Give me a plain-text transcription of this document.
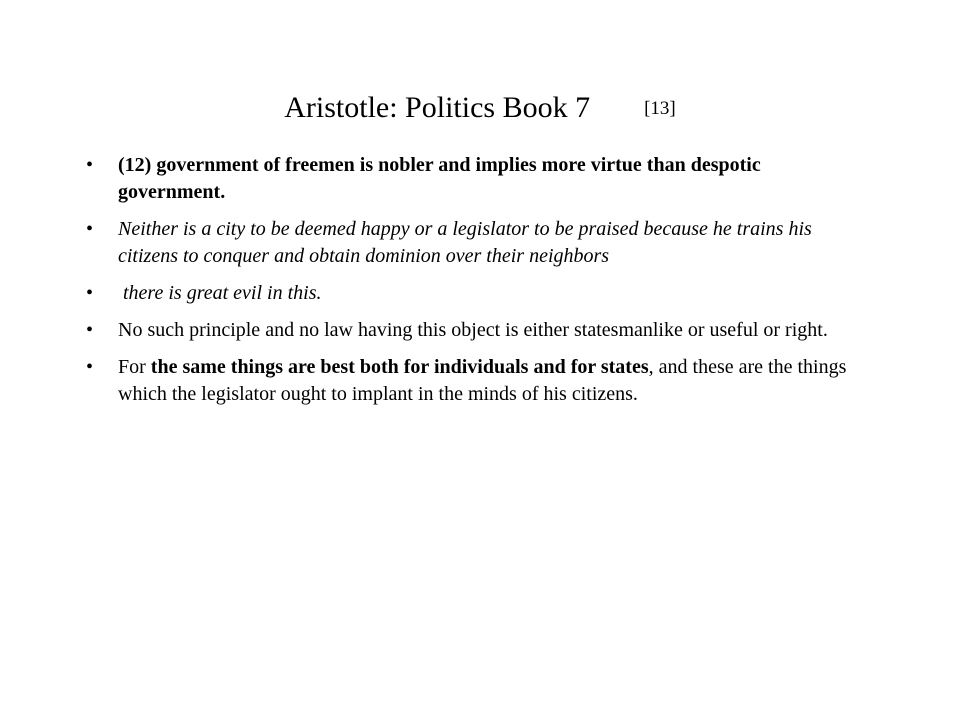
Aristotle: Politics Book 7	[13]
•	(12) government of freemen is nobler and implies more virtue than despotic government.
•	Neither is a city to be deemed happy or a legislator to be praised because he trains his citizens to conquer and obtain dominion over their neighbors
•	there is great evil in this.
•	No such principle and no law having this object is either statesmanlike or useful or right.
•	For the same things are best both for individuals and for states, and these are the things which the legislator ought to implant in the minds of his citizens.
